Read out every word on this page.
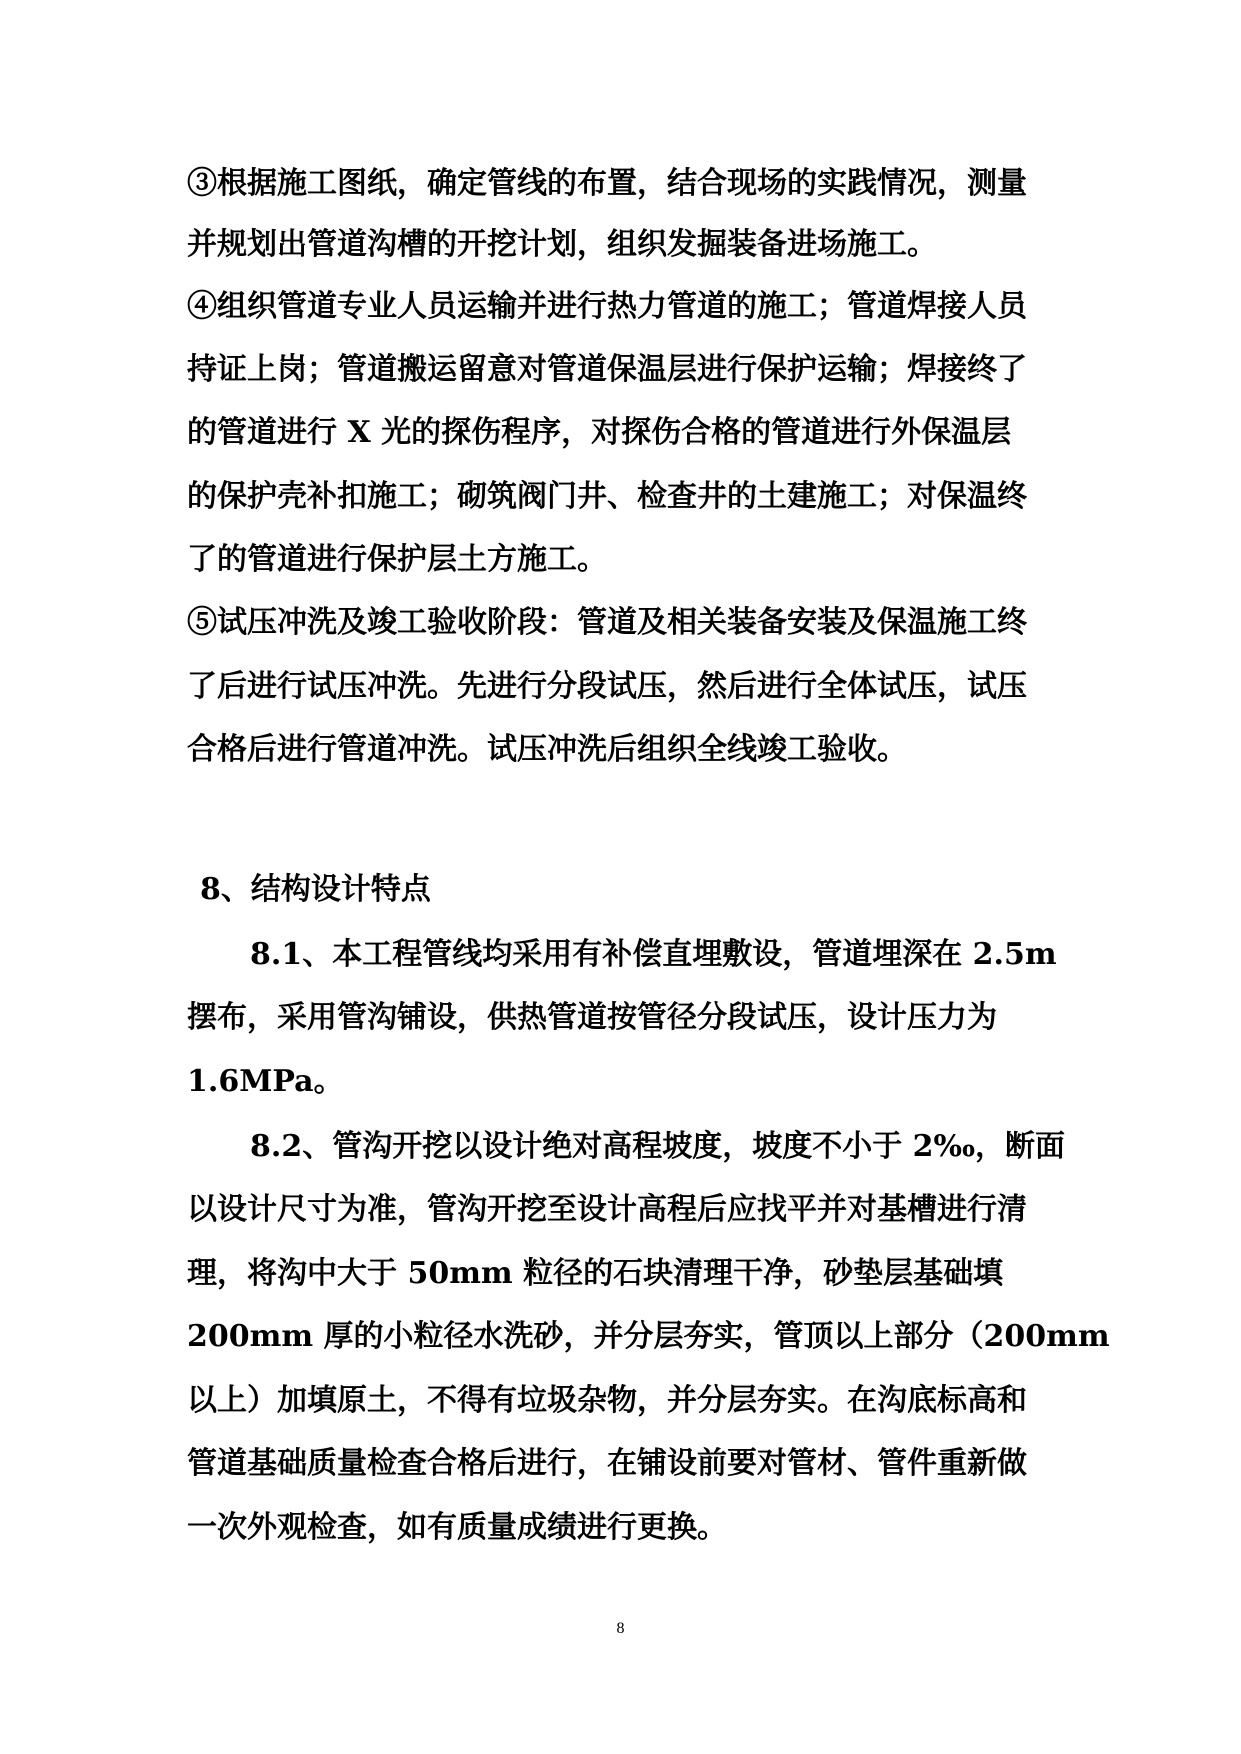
③根据施工图纸，确定管线的布置，结合现场的实践情况，测量
并规划出管道沟槽的开挖计划，组织发掘装备进场施工。
④组织管道专业人员运输并进行热力管道的施工；管道焊接人员
持证上岗；管道搬运留意对管道保温层进行保护运输；焊接终了
的管道进行 X 光的探伤程序，对探伤合格的管道进行外保温层
的保护壳补扣施工；砌筑阀门井、检查井的土建施工；对保温终
了的管道进行保护层土方施工。
⑤试压冲洗及竣工验收阶段：管道及相关装备安装及保温施工终
了后进行试压冲洗。先进行分段试压，然后进行全体试压，试压
合格后进行管道冲洗。试压冲洗后组织全线竣工验收。
8、结构设计特点
8.1、本工程管线均采用有补偿直埋敷设，管道埋深在 2.5m
摆布，采用管沟铺设，供热管道按管径分段试压，设计压力为
1.6MPa。
8.2、管沟开挖以设计绝对高程坡度，坡度不小于 2‰，断面
以设计尺寸为准，管沟开挖至设计高程后应找平并对基槽进行清
理，将沟中大于 50mm 粒径的石块清理干净，砂垫层基础填
200mm 厚的小粒径水洗砂，并分层夯实，管顶以上部分（200mm
以上）加填原土，不得有垃圾杂物，并分层夯实。在沟底标高和
管道基础质量检查合格后进行，在铺设前要对管材、管件重新做
一次外观检查，如有质量成绩进行更换。
8
